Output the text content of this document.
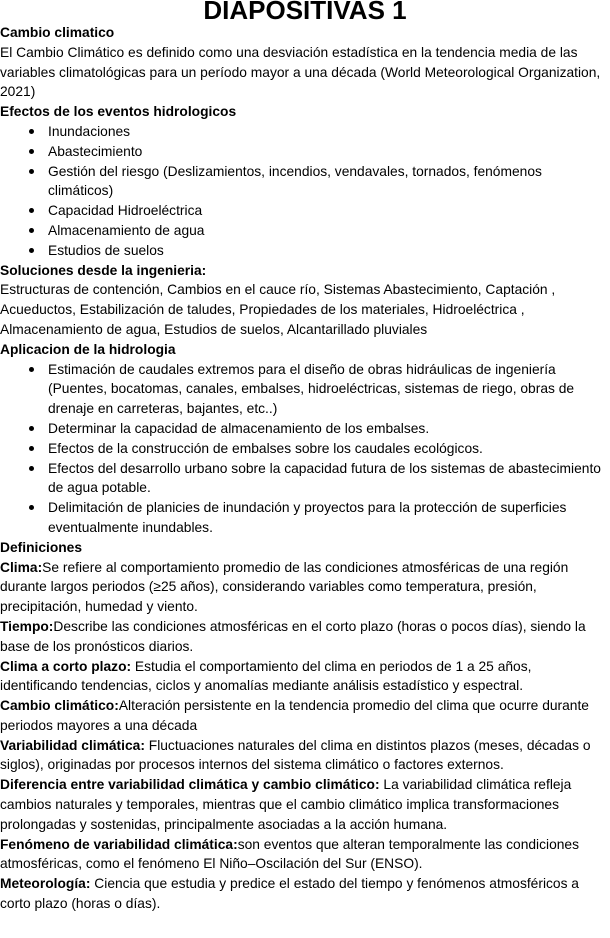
DIAPOSITIVAS 1
Cambio climatico
El Cambio Climático es definido como una desviación estadística en la tendencia media de las variables climatológicas para un período mayor a una década (World Meteorological Organization, 2021)
Efectos de los eventos hidrologicos
Inundaciones
Abastecimiento
Gestión del riesgo (Deslizamientos, incendios, vendavales, tornados, fenómenos climáticos)
Capacidad Hidroeléctrica
Almacenamiento de agua
Estudios de suelos
Soluciones desde la ingenieria:
Estructuras de contención, Cambios en el cauce río, Sistemas Abastecimiento, Captación , Acueductos, Estabilización de taludes, Propiedades de los materiales, Hidroeléctrica , Almacenamiento de agua, Estudios de suelos, Alcantarillado pluviales
Aplicacion de la hidrologia
Estimación de caudales extremos para el diseño de obras hidráulicas de ingeniería (Puentes, bocatomas, canales, embalses, hidroeléctricas, sistemas de riego, obras de drenaje en carreteras, bajantes, etc..)
Determinar la capacidad de almacenamiento de los embalses.
Efectos de la construcción de embalses sobre los caudales ecológicos.
Efectos del desarrollo urbano sobre la capacidad futura de los sistemas de abastecimiento de agua potable.
Delimitación de planicies de inundación y proyectos para la protección de superficies eventualmente inundables.
Definiciones
Clima:Se refiere al comportamiento promedio de las condiciones atmosféricas de una región durante largos periodos (≥25 años), considerando variables como temperatura, presión, precipitación, humedad y viento.
Tiempo:Describe las condiciones atmosféricas en el corto plazo (horas o pocos días), siendo la base de los pronósticos diarios.
Clima a corto plazo: Estudia el comportamiento del clima en periodos de 1 a 25 años, identificando tendencias, ciclos y anomalías mediante análisis estadístico y espectral.
Cambio climático:Alteración persistente en la tendencia promedio del clima que ocurre durante periodos mayores a una década
Variabilidad climática: Fluctuaciones naturales del clima en distintos plazos (meses, décadas o siglos), originadas por procesos internos del sistema climático o factores externos.
Diferencia entre variabilidad climática y cambio climático: La variabilidad climática refleja cambios naturales y temporales, mientras que el cambio climático implica transformaciones prolongadas y sostenidas, principalmente asociadas a la acción humana.
Fenómeno de variabilidad climática:son eventos que alteran temporalmente las condiciones atmosféricas, como el fenómeno El Niño–Oscilación del Sur (ENSO).
Meteorología: Ciencia que estudia y predice el estado del tiempo y fenómenos atmosféricos a corto plazo (horas o días).
